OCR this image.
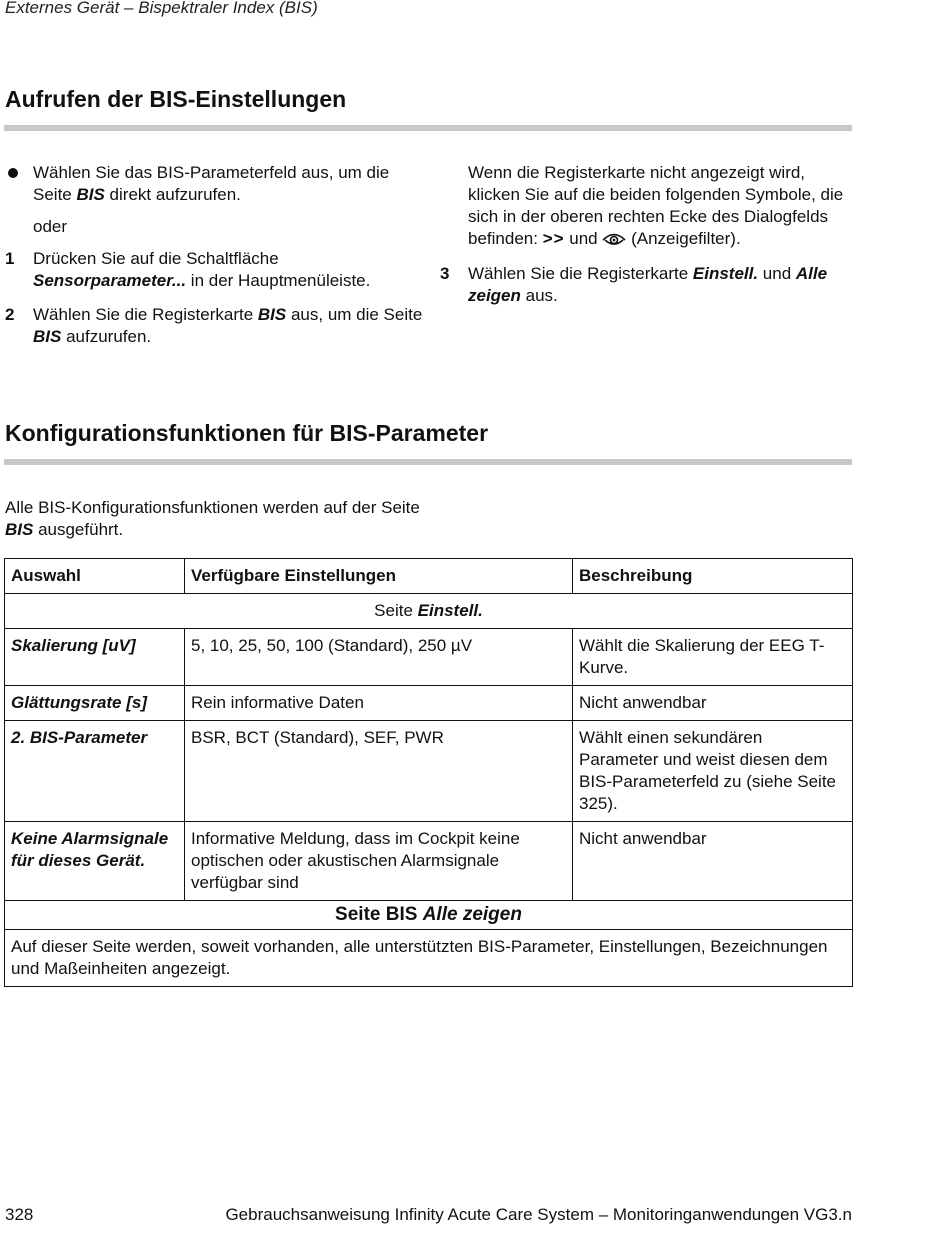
Externes Gerät – Bispektraler Index (BIS)
Aufrufen der BIS-Einstellungen
Wählen Sie das BIS-Parameterfeld aus, um die Seite BIS direkt aufzurufen.
oder
1 Drücken Sie auf die Schaltfläche Sensorparameter... in der Hauptmenüleiste.
2 Wählen Sie die Registerkarte BIS aus, um die Seite BIS aufzurufen.
Wenn die Registerkarte nicht angezeigt wird, klicken Sie auf die beiden folgenden Symbole, die sich in der oberen rechten Ecke des Dialogfelds befinden: >> und  (Anzeigefilter).
3 Wählen Sie die Registerkarte Einstell. und Alle zeigen aus.
Konfigurationsfunktionen für BIS-Parameter
Alle BIS-Konfigurationsfunktionen werden auf der Seite BIS ausgeführt.
Auswahl	Verfügbare Einstellungen	Beschreibung
Seite Einstell.		
Skalierung [uV]	5, 10, 25, 50, 100 (Standard), 250 µV	Wählt die Skalierung der EEG T-Kurve.
Glättungsrate [s]	Rein informative Daten	Nicht anwendbar
2. BIS-Parameter	BSR, BCT (Standard), SEF, PWR	Wählt einen sekundären Parameter und weist diesen dem BIS-Parameterfeld zu (siehe Seite 325).
Keine Alarmsignale für dieses Gerät.	Informative Meldung, dass im Cockpit keine optischen oder akustischen Alarmsignale verfügbar sind	Nicht anwendbar
Seite BIS Alle zeigen		
Auf dieser Seite werden, soweit vorhanden, alle unterstützten BIS-Parameter, Einstellungen, Bezeichnungen und Maßeinheiten angezeigt.		
328	Gebrauchsanweisung Infinity Acute Care System – Monitoringanwendungen VG3.n
